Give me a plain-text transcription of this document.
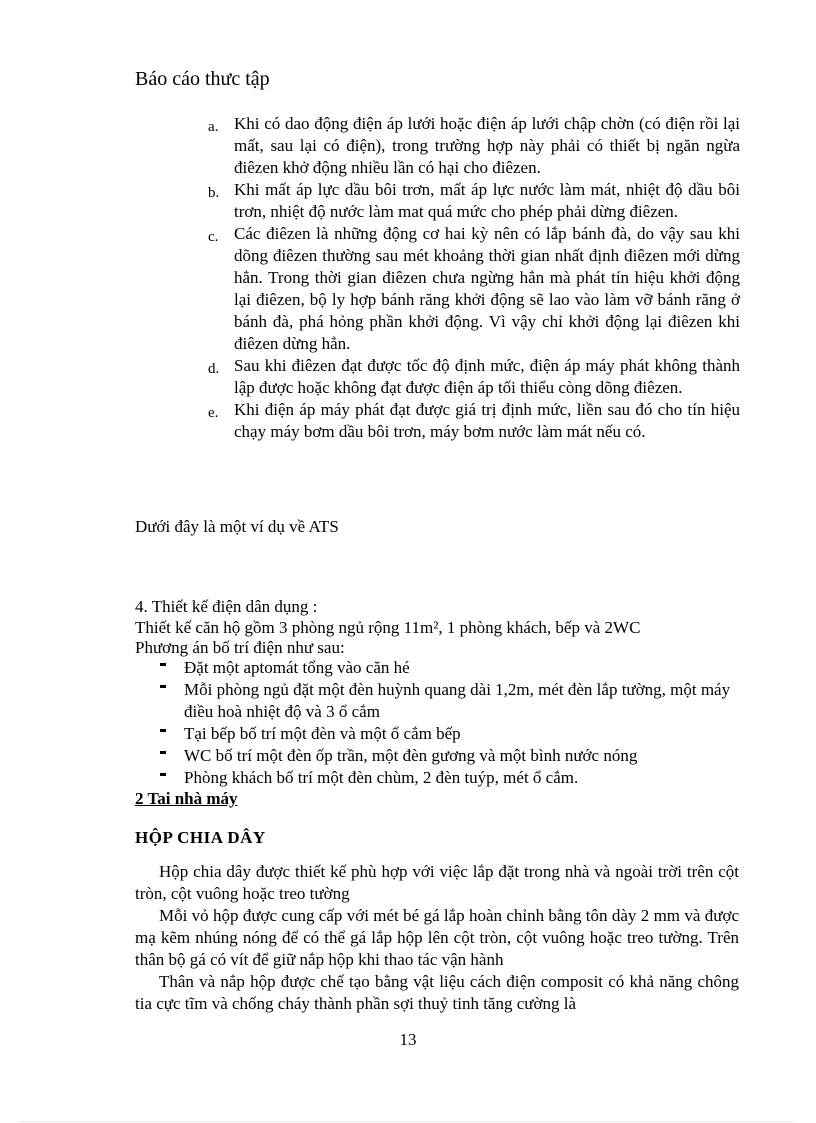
Báo cáo thưc tập
a. Khi có dao động điện áp lưới hoặc điện áp lưới chập chờn (có điện rồi lại mất, sau lại có điện), trong trường hợp này phải có thiết bị ngăn ngừa điêzen khở động nhiều lần có hại cho điêzen.
b. Khi mất áp lực dầu bôi trơn, mất áp lực nước làm mát, nhiệt độ dầu bôi trơn, nhiệt độ nước làm mat quá mức cho phép phải dừng điêzen.
c. Các điêzen là những động cơ hai kỳ nên có lắp bánh đà, do vậy sau khi dõng điêzen thường sau mét khoảng thời gian nhất định điêzen mới dừng hẳn. Trong thời gian điêzen chưa ngừng hẳn mà phát tín hiệu khởi động lại điêzen, bộ ly hợp bánh răng khởi động sẽ lao vào làm vỡ bánh răng ở bánh đà, phá hỏng phần khởi động. Vì vậy chỉ khởi động lại điêzen khi điêzen dừng hẳn.
d. Sau khi điêzen đạt được tốc độ định mức, điện áp máy phát không thành lập được hoặc không đạt được điện áp tối thiểu còng dõng điêzen.
e. Khi điện áp máy phát đạt được giá trị định mức, liền sau đó cho tín hiệu chạy máy bơm dầu bôi trơn, máy bơm nước làm mát nếu có.
Dưới đây là một ví dụ về ATS
4. Thiết kế điện dân dụng :
Thiết kế căn hộ gồm 3 phòng ngủ rộng 11m², 1 phòng khách, bếp và 2WC
Phương án bố trí điện như sau:
Đặt một aptomát tổng vào căn hé
Mỗi phòng ngủ đặt một đèn huỳnh quang dài 1,2m, mét đèn lắp tường, một máy điều hoà nhiệt độ và 3 ổ cắm
Tại bếp bố trí một đèn và một ổ cắm bếp
WC bố trí một đèn ốp trần, một đèn gương và một bình nước nóng
Phòng khách bố trí một đèn chùm, 2 đèn tuýp, mét ổ cắm.
2 Tai nhà máy
HỘP CHIA DÂY
Hộp chia dây được thiết kế phù hợp với việc lắp đặt trong nhà và ngoài trời trên cột tròn, cột vuông hoặc treo tường
Mỗi vỏ hộp được cung cấp với mét bé gá lắp hoàn chỉnh bằng tôn dày 2 mm và được mạ kẽm nhúng nóng để có thể gá lắp hộp lên cột tròn, cột vuông hoặc treo tường. Trên thân bộ gá có vít để giữ nắp hộp khi thao tác vận hành
Thân và nắp hộp được chế tạo bằng vật liệu cách điện composit có khả năng chông tia cực tĩm và chống cháy thành phần sợi thuỷ tinh tăng cường là
13
